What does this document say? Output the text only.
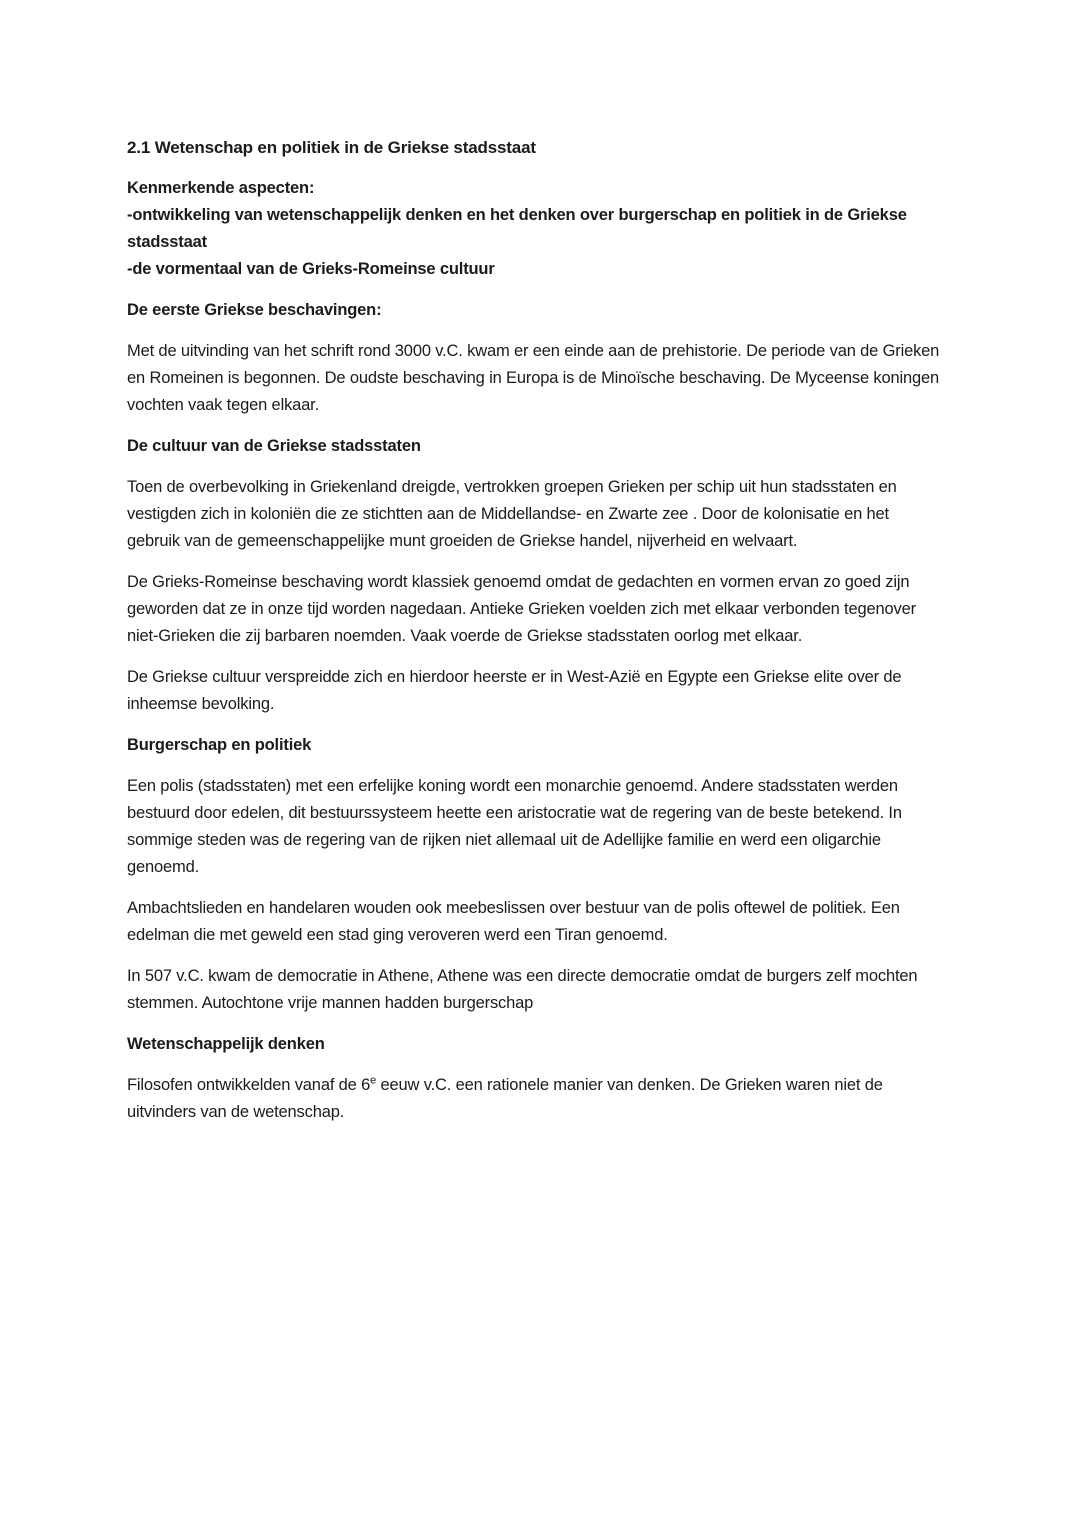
2.1 Wetenschap en politiek in de Griekse stadsstaat
Kenmerkende aspecten:
-ontwikkeling van wetenschappelijk denken en het denken over burgerschap en politiek in de Griekse stadsstaat
-de vormentaal van de Grieks-Romeinse cultuur
De eerste Griekse beschavingen:

Met de uitvinding van het schrift rond 3000 v.C. kwam er een einde aan de prehistorie. De periode van de Grieken en Romeinen is begonnen. De oudste beschaving in Europa is de Minoïsche beschaving. De Myceense koningen vochten vaak tegen elkaar.

De cultuur van de Griekse stadsstaten

Toen de overbevolking in Griekenland dreigde, vertrokken groepen Grieken per schip uit hun stadsstaten en vestigden zich in koloniën die ze stichtten aan de Middellandse- en Zwarte zee . Door de kolonisatie en het gebruik van de gemeenschappelijke munt groeiden de Griekse handel, nijverheid en welvaart.

De Grieks-Romeinse beschaving wordt klassiek genoemd omdat de gedachten en vormen ervan zo goed zijn geworden dat ze in onze tijd worden nagedaan. Antieke Grieken voelden zich met elkaar verbonden tegenover niet-Grieken die zij barbaren noemden. Vaak voerde de Griekse stadsstaten oorlog met elkaar.

De Griekse cultuur verspreidde zich en hierdoor heerste er in West-Azië en Egypte een Griekse elite over de inheemse bevolking.

Burgerschap en politiek

Een polis (stadsstaten) met een erfelijke koning wordt een monarchie genoemd. Andere stadsstaten werden bestuurd door edelen, dit bestuurssysteem heette een aristocratie wat de regering van de beste betekend. In sommige steden was de regering van de rijken niet allemaal uit de Adellijke familie en werd een oligarchie genoemd.

Ambachtslieden en handelaren wouden ook meebeslissen over bestuur van de polis oftewel de politiek. Een edelman die met geweld een stad ging veroveren werd een Tiran genoemd.

In 507 v.C. kwam de democratie in Athene, Athene was een directe democratie omdat de burgers zelf mochten stemmen. Autochtone vrije mannen hadden burgerschap

Wetenschappelijk denken

Filosofen ontwikkelden vanaf de 6e eeuw v.C. een rationele manier van denken. De Grieken waren niet de uitvinders van de wetenschap.
